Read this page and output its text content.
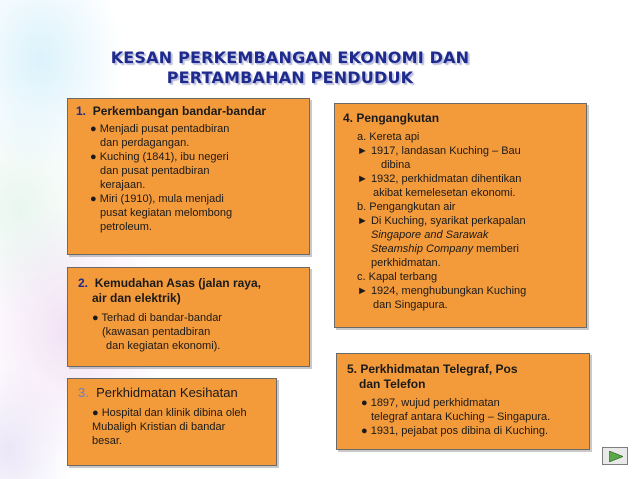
KESAN PERKEMBANGAN EKONOMI DAN
PERTAMBAHAN PENDUDUK
1. Perkembangan bandar-bandar
● Menjadi pusat pentadbiran
dan perdagangan.
● Kuching (1841), ibu negeri
dan pusat pentadbiran
kerajaan.
● Miri (1910), mula menjadi
pusat kegiatan melombong
petroleum.
2. Kemudahan Asas (jalan raya,
air dan elektrik)
● Terhad di bandar-bandar
(kawasan pentadbiran
dan kegiatan ekonomi).
3. Perkhidmatan Kesihatan
● Hospital dan klinik dibina oleh
Mubaligh Kristian di bandar
besar.
4. Pengangkutan
a. Kereta api
► 1917, landasan Kuching – Bau
dibina
► 1932, perkhidmatan dihentikan
akibat kemelesetan ekonomi.
b. Pengangkutan air
► Di Kuching, syarikat perkapalan
Singapore and Sarawak
Steamship Company memberi
perkhidmatan.
c. Kapal terbang
► 1924, menghubungkan Kuching
dan Singapura.
5. Perkhidmatan Telegraf, Pos
dan Telefon
● 1897, wujud perkhidmatan
telegraf antara Kuching – Singapura.
● 1931, pejabat pos dibina di Kuching.
